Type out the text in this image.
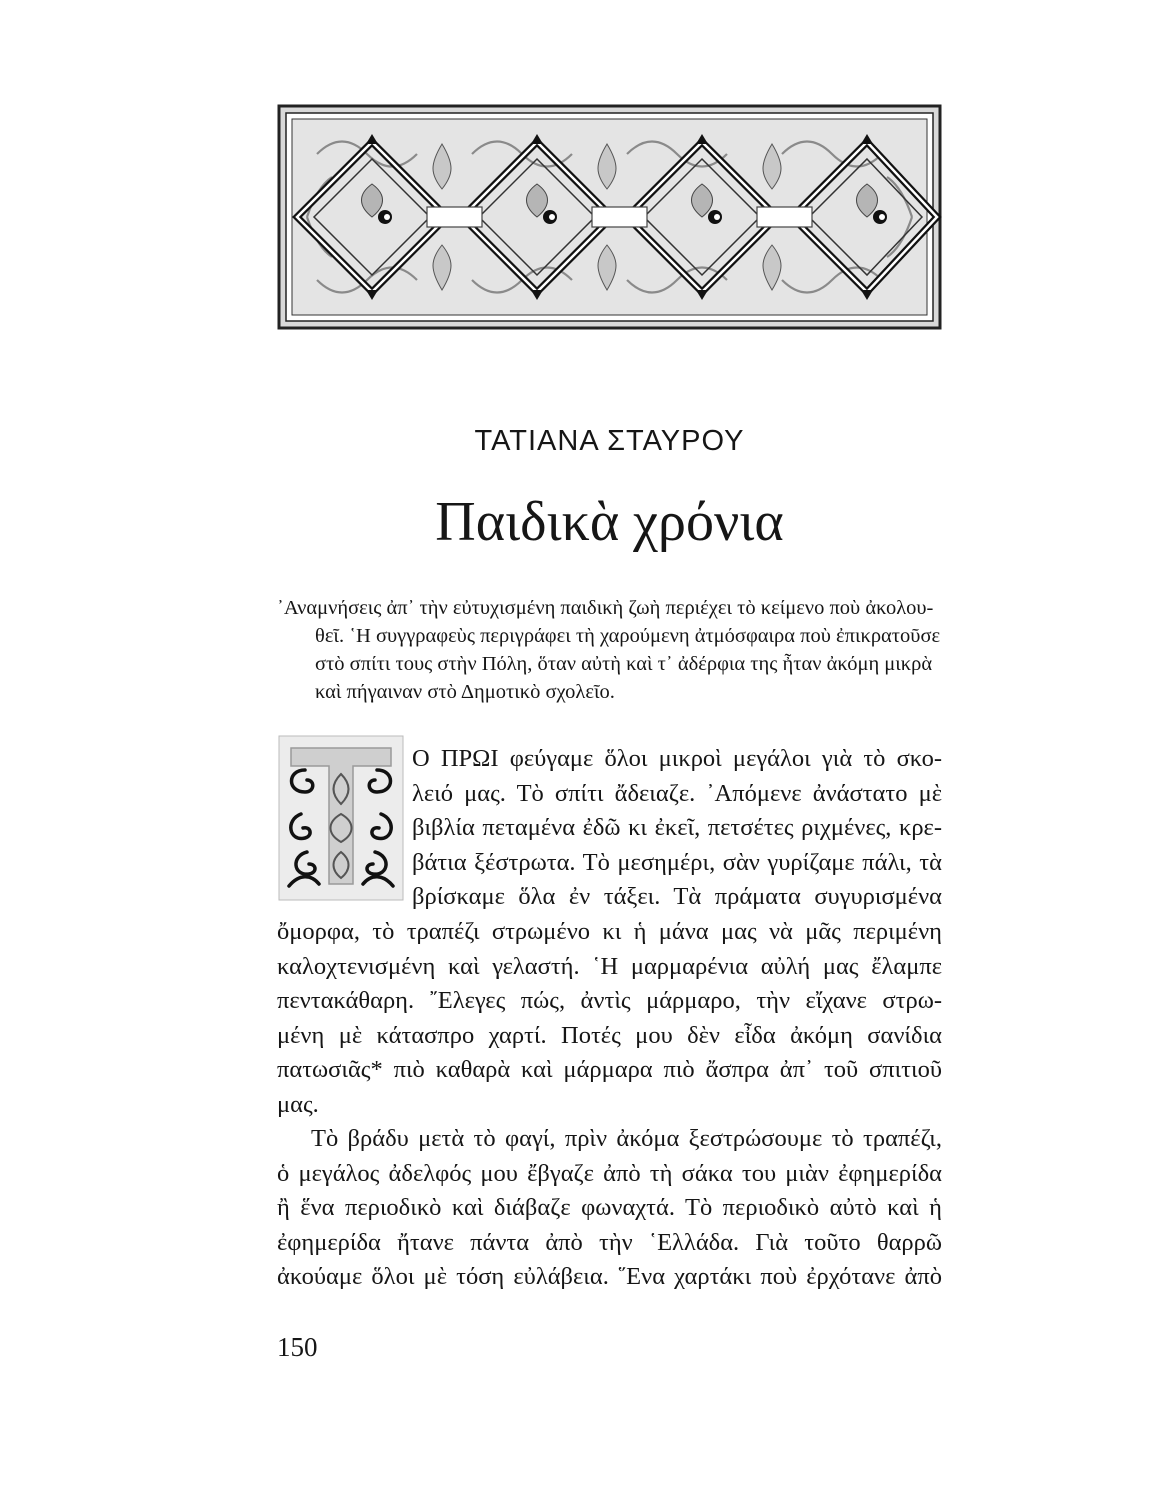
ΤΑΤΙΑΝΑ ΣΤΑΥΡΟΥ
Παιδικὰ χρόνια
᾿Αναμνήσεις ἀπ᾿ τὴν εὐτυχισμένη παιδικὴ ζωὴ περιέχει τὸ κείμενο ποὺ ἀκολου-
θεῖ. ῾Η συγγραφεὺς περιγράφει τὴ χαρούμενη ἀτμόσφαιρα ποὺ ἐπικρατοῦσε
στὸ σπίτι τους στὴν Πόλη, ὅταν αὐτὴ καὶ τ᾿ ἀδέρφια της ἦταν ἀκόμη μικρὰ
καὶ πήγαιναν στὸ Δημοτικὸ σχολεῖο.
Ο ΠΡΩΙ φεύγαμε ὅλοι μικροὶ μεγάλοι γιὰ τὸ σκο-
λειό μας. Τὸ σπίτι ἄδειαζε. ᾿Απόμενε ἀνάστατο μὲ
βιβλία πεταμένα ἐδῶ κι ἐκεῖ, πετσέτες ριχμένες, κρε-
βάτια ξέστρωτα. Τὸ μεσημέρι, σὰν γυρίζαμε πάλι, τὰ
βρίσκαμε ὅλα ἐν τάξει. Τὰ πράματα συγυρισμένα
ὄμορφα, τὸ τραπέζι στρωμένο κι ἡ μάνα μας νὰ μᾶς περιμένη
καλοχτενισμένη καὶ γελαστή. ῾Η μαρμαρένια αὐλή μας ἔλαμπε
πεντακάθαρη. ῎Ελεγες πώς, ἀντὶς μάρμαρο, τὴν εἴχανε στρω-
μένη μὲ κάτασπρο χαρτί. Ποτές μου δὲν εἶδα ἀκόμη σανίδια
πατωσιᾶς* πιὸ καθαρὰ καὶ μάρμαρα πιὸ ἄσπρα ἀπ᾿ τοῦ σπιτιοῦ
μας.
Τὸ βράδυ μετὰ τὸ φαγί, πρὶν ἀκόμα ξεστρώσουμε τὸ τραπέζι,
ὁ μεγάλος ἀδελφός μου ἔβγαζε ἀπὸ τὴ σάκα του μιὰν ἐφημερίδα
ἢ ἕνα περιοδικὸ καὶ διάβαζε φωναχτά. Τὸ περιοδικὸ αὐτὸ καὶ ἡ
ἐφημερίδα ἤτανε πάντα ἀπὸ τὴν ῾Ελλάδα. Γιὰ τοῦτο θαρρῶ
ἀκούαμε ὅλοι μὲ τόση εὐλάβεια. ῞Ενα χαρτάκι ποὺ ἐρχότανε ἀπὸ
150
